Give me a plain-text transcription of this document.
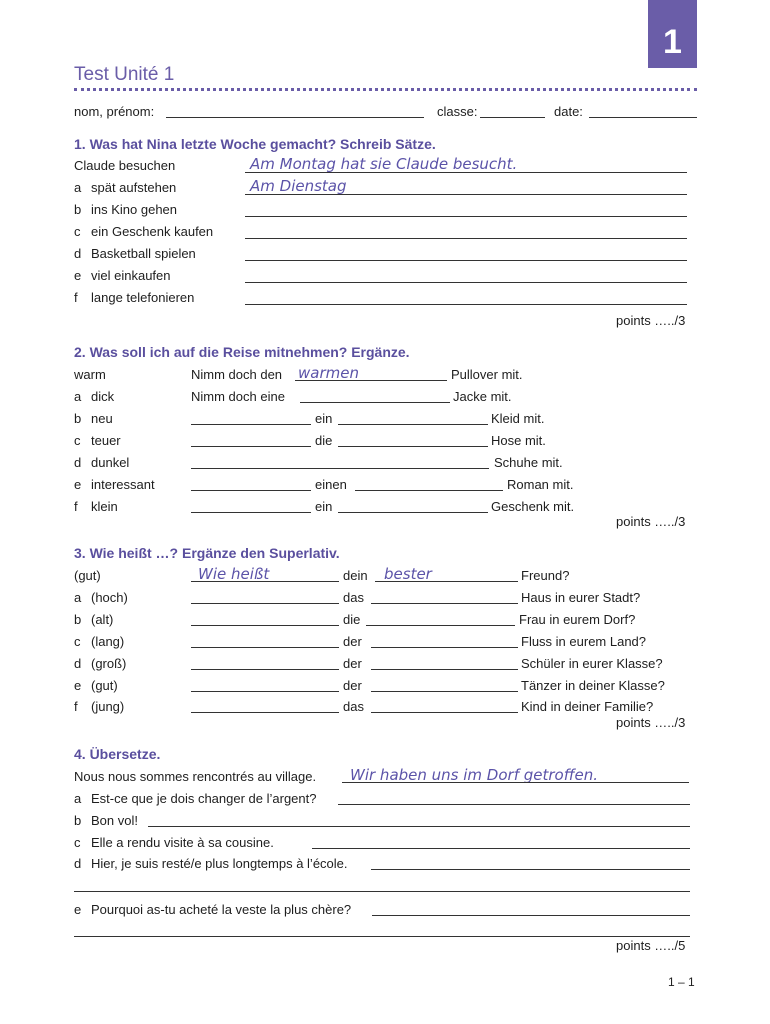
1
Test Unité 1
nom, prénom:	classe:	date:
1. Was hat Nina letzte Woche gemacht? Schreib Sätze.
Claude besuchen	Am Montag hat sie Claude besucht.
a spät aufstehen	Am Dienstag
b ins Kino gehen
c ein Geschenk kaufen
d Basketball spielen
e viel einkaufen
f lange telefonieren
points …../3
2. Was soll ich auf die Reise mitnehmen? Ergänze.
warm	Nimm doch den warmen	Pullover mit.
a dick	Nimm doch eine	Jacke mit.
b neu	ein	Kleid mit.
c teuer	die	Hose mit.
d dunkel	Schuhe mit.
e interessant	einen	Roman mit.
f klein	ein	Geschenk mit.
points …../3
3. Wie heißt …? Ergänze den Superlativ.
(gut)	Wie heißt	dein bester	Freund?
a (hoch)	das	Haus in eurer Stadt?
b (alt)	die	Frau in eurem Dorf?
c (lang)	der	Fluss in eurem Land?
d (groß)	der	Schüler in eurer Klasse?
e (gut)	der	Tänzer in deiner Klasse?
f (jung)	das	Kind in deiner Familie?
points …../3
4. Übersetze.
Nous nous sommes rencontrés au village. Wir haben uns im Dorf getroffen.
a Est-ce que je dois changer de l’argent?
b Bon vol!
c Elle a rendu visite à sa cousine.
d Hier, je suis resté/e plus longtemps à l’école.
e Pourquoi as-tu acheté la veste la plus chère?
points …../5
1 – 1
